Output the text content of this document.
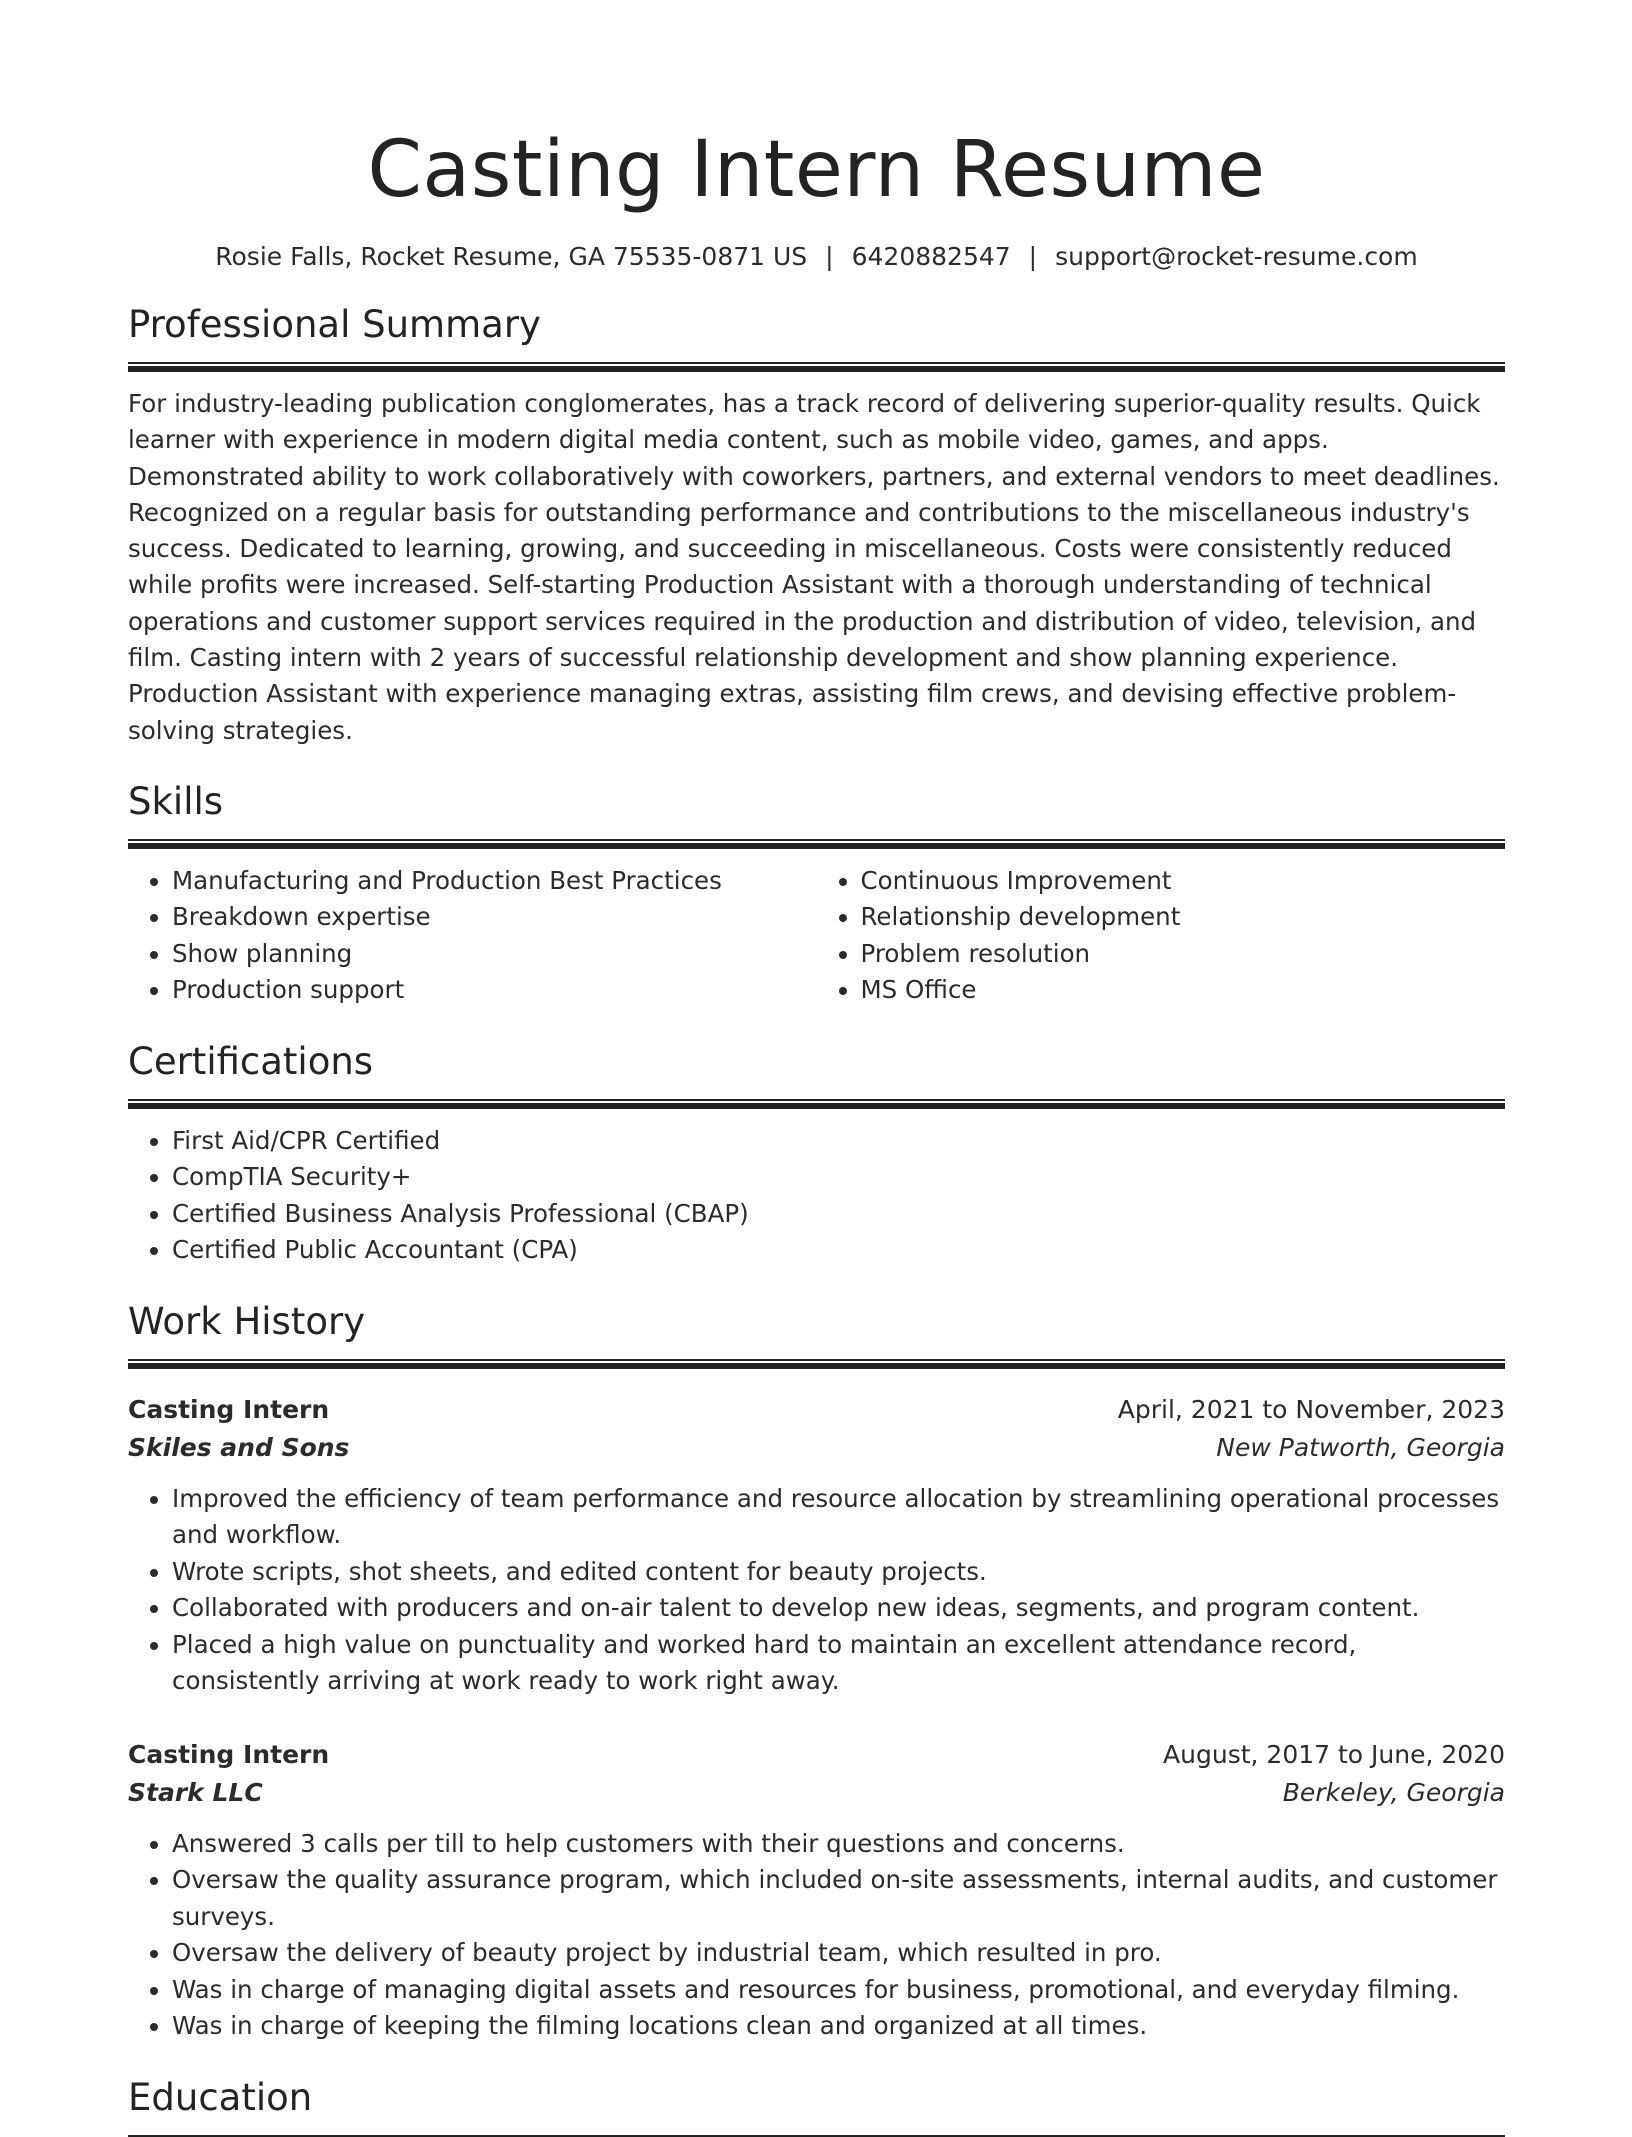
Casting Intern Resume
Rosie Falls, Rocket Resume, GA 75535-0871 US | 6420882547 | support@rocket-resume.com
Professional Summary

For industry-leading publication conglomerates, has a track record of delivering superior-quality results. Quick learner with experience in modern digital media content, such as mobile video, games, and apps. Demonstrated ability to work collaboratively with coworkers, partners, and external vendors to meet deadlines. Recognized on a regular basis for outstanding performance and contributions to the miscellaneous industry's success. Dedicated to learning, growing, and succeeding in miscellaneous. Costs were consistently reduced while profits were increased. Self-starting Production Assistant with a thorough understanding of technical operations and customer support services required in the production and distribution of video, television, and film. Casting intern with 2 years of successful relationship development and show planning experience. Production Assistant with experience managing extras, assisting film crews, and devising effective problem-solving strategies.

Skills
• Manufacturing and Production Best Practices
• Breakdown expertise
• Show planning
• Production support
• Continuous Improvement
• Relationship development
• Problem resolution
• MS Office
Certifications
• First Aid/CPR Certified
• CompTIA Security+
• Certified Business Analysis Professional (CBAP)
• Certified Public Accountant (CPA)
Work History
Casting Intern	April, 2021 to November, 2023
Skiles and Sons	New Patworth, Georgia
• Improved the efficiency of team performance and resource allocation by streamlining operational processes and workflow.
• Wrote scripts, shot sheets, and edited content for beauty projects.
• Collaborated with producers and on-air talent to develop new ideas, segments, and program content.
• Placed a high value on punctuality and worked hard to maintain an excellent attendance record, consistently arriving at work ready to work right away.
Casting Intern	August, 2017 to June, 2020
Stark LLC	Berkeley, Georgia
• Answered 3 calls per till to help customers with their questions and concerns.
• Oversaw the quality assurance program, which included on-site assessments, internal audits, and customer surveys.
• Oversaw the delivery of beauty project by industrial team, which resulted in pro.
• Was in charge of managing digital assets and resources for business, promotional, and everyday filming.
• Was in charge of keeping the filming locations clean and organized at all times.
Education
